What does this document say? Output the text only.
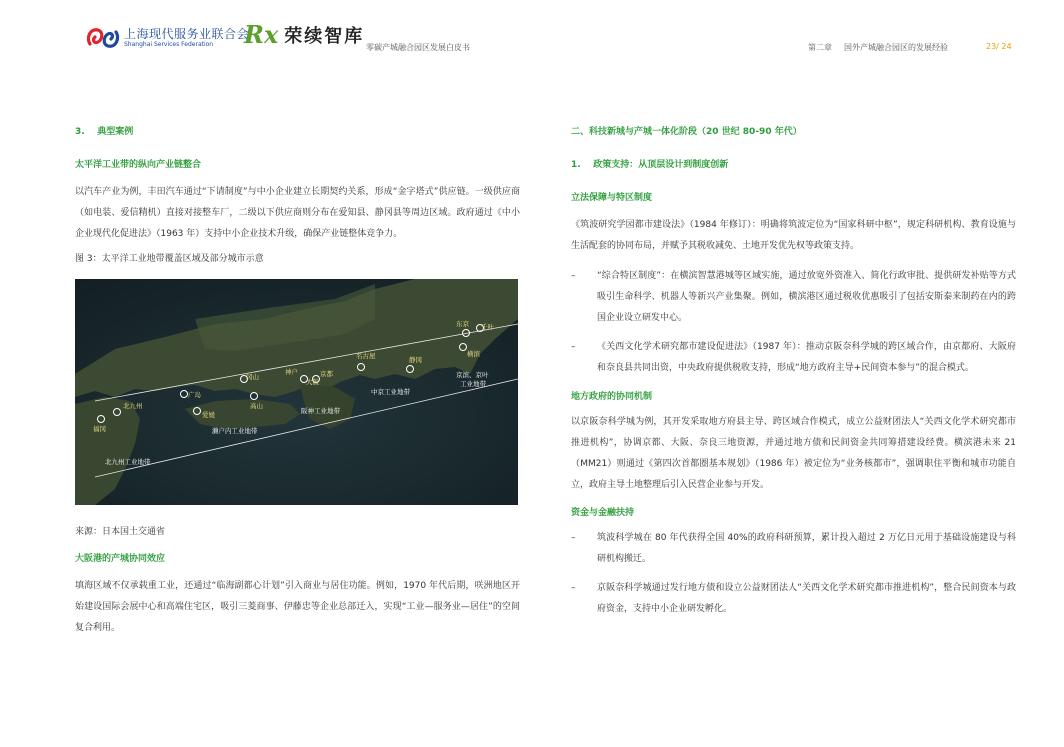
上海现代服务业联合会
Shanghai Services Federation	Rx 荣续智库
零碳产城融合园区发展白皮书	第二章 国外产城融合园区的发展经验	23/ 24

3.    典型案例

太平洋工业带的纵向产业链整合

以汽车产业为例，丰田汽车通过“下请制度”与中小企业建立长期契约关系，形成“金字塔式”供应链。一级供应商（如电装、爱信精机）直接对接整车厂，二级以下供应商则分布在爱知县、静冈县等周边区域。政府通过《中小企业现代化促进法》（1963 年）支持中小企业技术升级，确保产业链整体竞争力。

图 3：太平洋工业地带覆盖区域及部分城市示意

东京 千叶
横滨
静冈
名古屋
京都
神户
大阪
冈山
高山
广岛
爱媛
北九州
福冈
京滨、京叶
工业地带
中京工业地带
阪神工业地带
濑户内工业地带
北九州工业地带

来源：日本国土交通省

大阪港的产城协同效应

填海区域不仅承载重工业，还通过“临海副都心计划”引入商业与居住功能。例如，1970 年代后期，咲洲地区开始建设国际会展中心和高端住宅区，吸引三菱商事、伊藤忠等企业总部迁入，实现“工业—服务业—居住”的空间复合利用。

二、科技新城与产城一体化阶段（20 世纪 80-90 年代）

1.    政策支持：从顶层设计到制度创新

立法保障与特区制度

《筑波研究学园都市建设法》（1984 年修订）：明确将筑波定位为“国家科研中枢”，规定科研机构、教育设施与生活配套的协同布局，并赋予其税收减免、土地开发优先权等政策支持。

– “综合特区制度”：在横滨智慧港城等区域实施，通过放宽外资准入、简化行政审批、提供研发补贴等方式吸引生命科学、机器人等新兴产业集聚。例如，横滨港区通过税收优惠吸引了包括安斯泰来制药在内的跨国企业设立研发中心。
– 《关西文化学术研究都市建设促进法》（1987 年）：推动京阪奈科学城的跨区域合作，由京都府、大阪府和奈良县共同出资，中央政府提供税收支持，形成“地方政府主导+民间资本参与”的混合模式。

地方政府的协同机制

以京阪奈科学城为例，其开发采取地方府县主导、跨区域合作模式，成立公益财团法人“关西文化学术研究都市推进机构”，协调京都、大阪、奈良三地资源，并通过地方债和民间资金共同筹措建设经费。横滨港未来 21（MM21）则通过《第四次首都圈基本规划》（1986 年）被定位为“业务核都市”，强调职住平衡和城市功能自立，政府主导土地整理后引入民营企业参与开发。

资金与金融扶持

– 筑波科学城在 80 年代获得全国 40%的政府科研预算，累计投入超过 2 万亿日元用于基础设施建设与科研机构搬迁。
– 京阪奈科学城通过发行地方债和设立公益财团法人“关西文化学术研究都市推进机构”，整合民间资本与政府资金，支持中小企业研发孵化。
